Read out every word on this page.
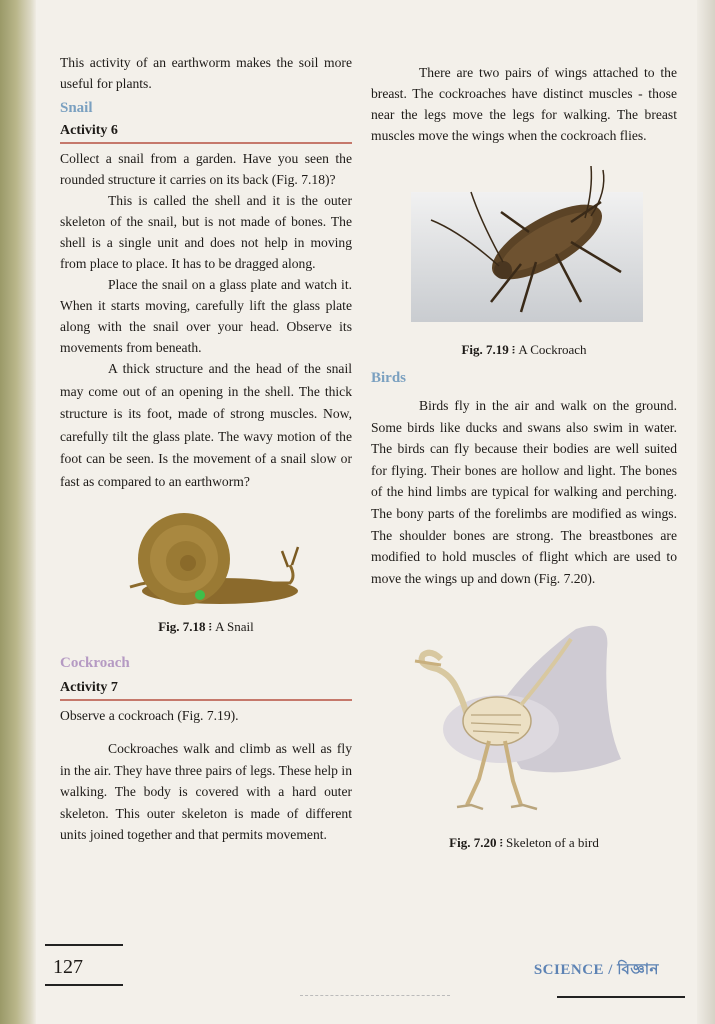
This activity of an earthworm makes the soil more useful for plants.

Snail
Activity 6

Collect a snail from a garden. Have you seen the rounded structure it carries on its back (Fig. 7.18)?

This is called the shell and it is the outer skeleton of the snail, but is not made of bones. The shell is a single unit and does not help in moving from place to place. It has to be dragged along.

Place the snail on a glass plate and watch it. When it starts moving, carefully lift the glass plate along with the snail over your head. Observe its movements from beneath.

A thick structure and the head of the snail may come out of an opening in the shell. The thick structure is its foot, made of strong muscles. Now, carefully tilt the glass plate. The wavy motion of the foot can be seen. Is the movement of a snail slow or fast as compared to an earthworm?

Fig. 7.18 ፧ A Snail
Cockroach
Activity 7

Observe a cockroach (Fig. 7.19).

Cockroaches walk and climb as well as fly in the air. They have three pairs of legs. These help in walking. The body is covered with a hard outer skeleton. This outer skeleton is made of different units joined together and that permits movement.

There are two pairs of wings attached to the breast. The cockroaches have distinct muscles - those near the legs move the legs for walking. The breast muscles move the wings when the cockroach flies.

Fig. 7.19 ፧ A Cockroach
Birds

Birds fly in the air and walk on the ground. Some birds like ducks and swans also swim in water. The birds can fly because their bodies are well suited for flying. Their bones are hollow and light. The bones of the hind limbs are typical for walking and perching. The bony parts of the forelimbs are modified as wings. The shoulder bones are strong. The breastbones are modified to hold muscles of flight which are used to move the wings up and down (Fig. 7.20).

Fig. 7.20 ፧ Skeleton of a bird
127	SCIENCE / বিজ্ঞান
